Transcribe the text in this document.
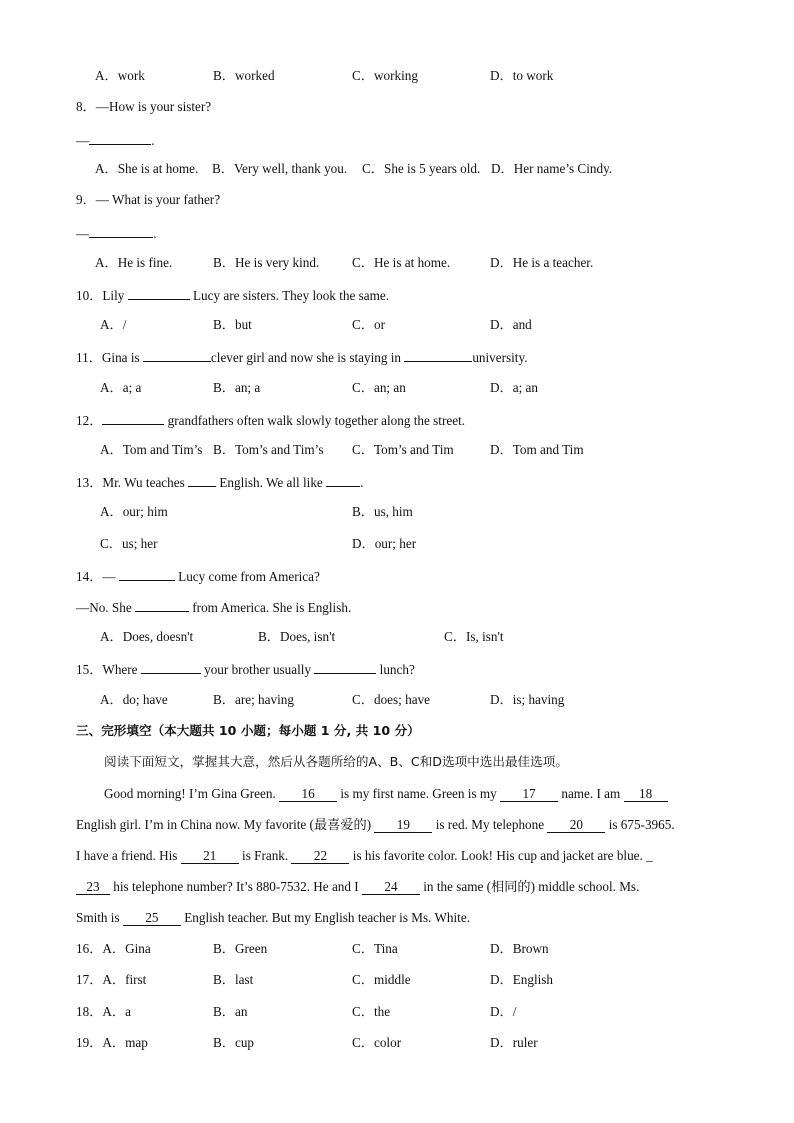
A．work	B．worked	C．working	D．to work
8．—How is your sister?
—	.
A．She is at home. B．Very well, thank you. C．She is 5 years old. D．Her name’s Cindy.
9．— What is your father?
—	.
A．He is fine.	B．He is very kind. C．He is at home.	D．He is a teacher.
10．Lily	Lucy are sisters. They look the same.
A．/	B．but	C．or	D．and
11．Gina is	clever girl and now she is staying in	university.
A．a; a	B．an; a	C．an; an	D．a; an
12．	grandfathers often walk slowly together along the street.
A．Tom and Tim’s B．Tom’s and Tim’s C．Tom’s and Tim	D．Tom and Tim
13．Mr. Wu teaches	English. We all like	.
A．our; him	B．us, him
C．us; her	D．our; her
14．—	Lucy come from America?
—No. She	from America. She is English.
A．Does, doesn't	B．Does, isn't	C．Is, isn't
15．Where	your brother usually	lunch?
A．do; have	B．are; having	C．does; have	D．is; having
三、完形填空（本大题共 10 小题；每小题 1 分, 共 10 分）
阅读下面短文，掌握其大意，然后从各题所给的A、B、C和D选项中选出最佳选项。
Good morning! I’m Gina Green. 16 is my first name. Green is my 17 name. I am 18
English girl. I’m in China now. My favorite (最喜爱的) 19 is red. My telephone 20 is 675-3965.
I have a friend. His 21 is Frank. 22 is his favorite color. Look! His cup and jacket are blue. _
23 his telephone number? It’s 880-7532. He and I 24 in the same (相同的) middle school. Ms.
Smith is 25 English teacher. But my English teacher is Ms. White.
16．A．Gina	B．Green	C．Tina	D．Brown
17．A．first	B．last	C．middle	D．English
18．A．a	B．an	C．the	D．/
19．A．map	B．cup	C．color	D．ruler
